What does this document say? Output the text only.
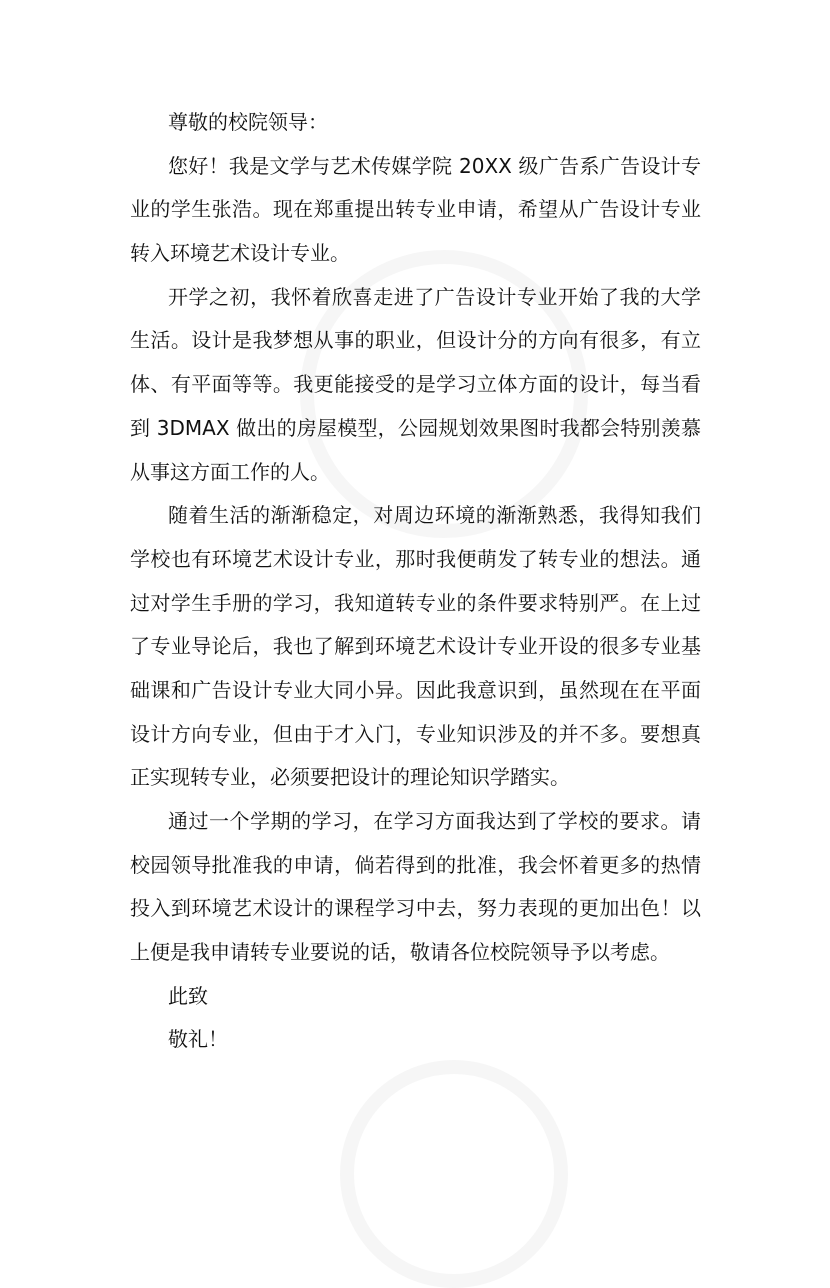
尊敬的校院领导：
您好！我是文学与艺术传媒学院 20XX 级广告系广告设计专
业的学生张浩。现在郑重提出转专业申请，希望从广告设计专业
转入环境艺术设计专业。
开学之初，我怀着欣喜走进了广告设计专业开始了我的大学
生活。设计是我梦想从事的职业，但设计分的方向有很多，有立
体、有平面等等。我更能接受的是学习立体方面的设计，每当看
到 3DMAX 做出的房屋模型，公园规划效果图时我都会特别羡慕
从事这方面工作的人。
随着生活的渐渐稳定，对周边环境的渐渐熟悉，我得知我们
学校也有环境艺术设计专业，那时我便萌发了转专业的想法。通
过对学生手册的学习，我知道转专业的条件要求特别严。在上过
了专业导论后，我也了解到环境艺术设计专业开设的很多专业基
础课和广告设计专业大同小异。因此我意识到，虽然现在在平面
设计方向专业，但由于才入门，专业知识涉及的并不多。要想真
正实现转专业，必须要把设计的理论知识学踏实。
通过一个学期的学习，在学习方面我达到了学校的要求。请
校园领导批准我的申请，倘若得到的批准，我会怀着更多的热情
投入到环境艺术设计的课程学习中去，努力表现的更加出色！以
上便是我申请转专业要说的话，敬请各位校院领导予以考虑。
此致
敬礼！
